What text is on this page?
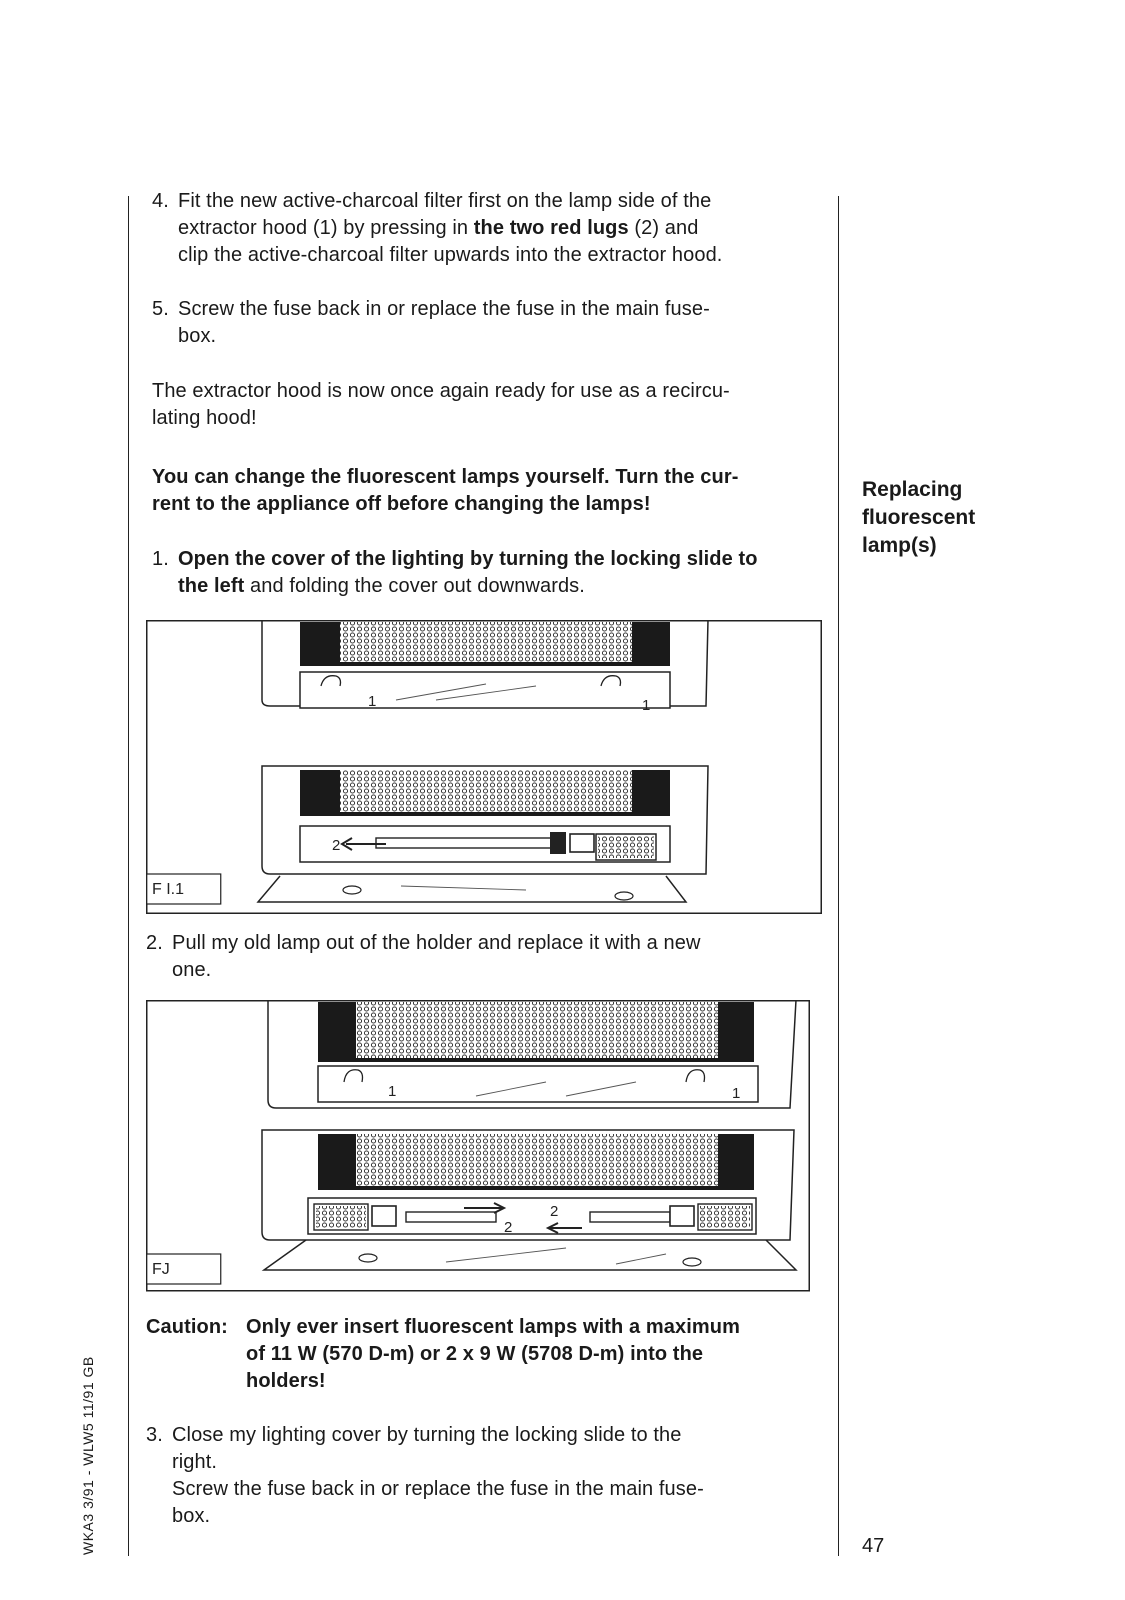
4. Fit the new active-charcoal filter first on the lamp side of the
extractor hood (1) by pressing in the two red lugs (2) and
clip the active-charcoal filter upwards into the extractor hood.
5. Screw the fuse back in or replace the fuse in the main fuse-
box.
The extractor hood is now once again ready for use as a recircu-
lating hood!
You can change the fluorescent lamps yourself. Turn the cur-
rent to the appliance off before changing the lamps!
Replacing
fluorescent
lamp(s)
1. Open the cover of the lighting by turning the locking slide to
the left and folding the cover out downwards.
1	1
2
F I.1
2. Pull my old lamp out of the holder and replace it with a new
one.
1	1
2
2
FJ
Caution: Only ever insert fluorescent lamps with a maximum
of 11 W (570 D-m) or 2 x 9 W (5708 D-m) into the
holders!
3. Close my lighting cover by turning the locking slide to the
right.
Screw the fuse back in or replace the fuse in the main fuse-
box.
WKA3 3/91 - WLW5 11/91 GB	47
